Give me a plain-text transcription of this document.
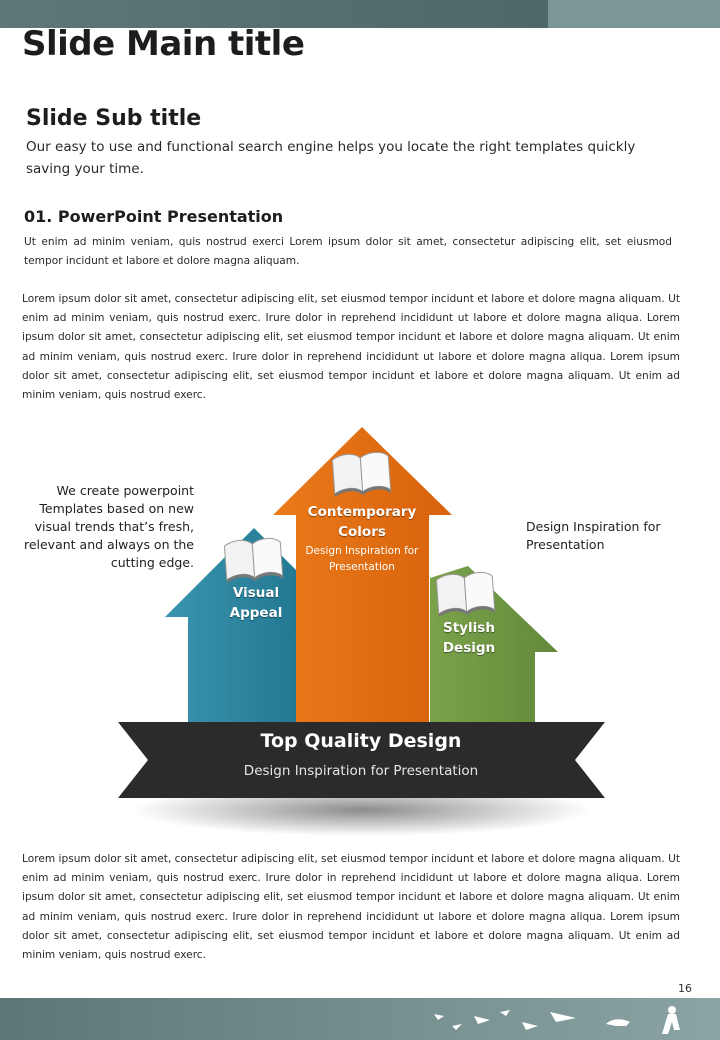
Slide Main title
Slide Sub title
Our easy to use and functional search engine helps you locate the right templates quickly saving your time.
01. PowerPoint Presentation
Ut enim ad minim veniam, quis nostrud exerci Lorem ipsum dolor sit amet, consectetur adipiscing elit, set eiusmod tempor incidunt et labore et dolore magna aliquam.
Lorem ipsum dolor sit amet, consectetur adipiscing elit, set eiusmod tempor incidunt et labore et dolore magna aliquam. Ut enim ad minim veniam, quis nostrud exerc. Irure dolor in reprehend incididunt ut labore et dolore magna aliqua. Lorem ipsum dolor sit amet, consectetur adipiscing elit, set eiusmod tempor incidunt et labore et dolore magna aliquam. Ut enim ad minim veniam, quis nostrud exerc. Irure dolor in reprehend incididunt ut labore et dolore magna aliqua. Lorem ipsum dolor sit amet, consectetur adipiscing elit, set eiusmod tempor incidunt et labore et dolore magna aliquam. Ut enim ad minim veniam, quis nostrud exerc.
We create powerpoint Templates based on new visual trends that’s fresh, relevant and always on the cutting edge.
Design Inspiration for Presentation
Visual Appeal
Contemporary Colors
Design Inspiration for Presentation
Stylish Design
Top Quality Design
Design Inspiration for Presentation
Lorem ipsum dolor sit amet, consectetur adipiscing elit, set eiusmod tempor incidunt et labore et dolore magna aliquam. Ut enim ad minim veniam, quis nostrud exerc. Irure dolor in reprehend incididunt ut labore et dolore magna aliqua. Lorem ipsum dolor sit amet, consectetur adipiscing elit, set eiusmod tempor incidunt et labore et dolore magna aliquam. Ut enim ad minim veniam, quis nostrud exerc. Irure dolor in reprehend incididunt ut labore et dolore magna aliqua. Lorem ipsum dolor sit amet, consectetur adipiscing elit, set eiusmod tempor incidunt et labore et dolore magna aliquam. Ut enim ad minim veniam, quis nostrud exerc.
16
